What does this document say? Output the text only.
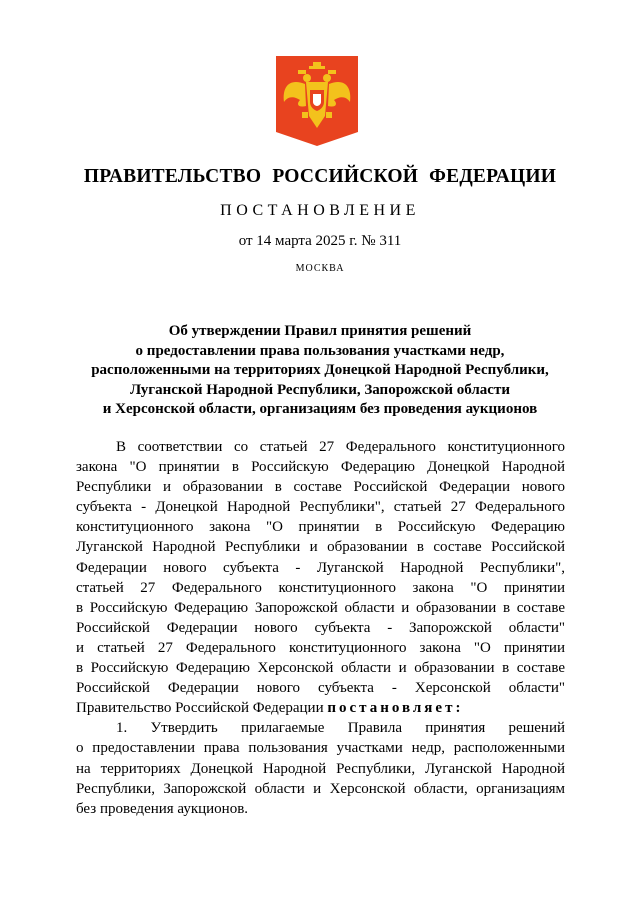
ПРАВИТЕЛЬСТВО РОССИЙСКОЙ ФЕДЕРАЦИИ
ПОСТАНОВЛЕНИЕ
от 14 марта 2025 г. № 311
МОСКВА
Об утверждении Правил принятия решений
о предоставлении права пользования участками недр,
расположенными на территориях Донецкой Народной Республики,
Луганской Народной Республики, Запорожской области
и Херсонской области, организациям без проведения аукционов
В соответствии со статьей 27 Федерального конституционного
закона "О принятии в Российскую Федерацию Донецкой Народной
Республики и образовании в составе Российской Федерации нового
субъекта - Донецкой Народной Республики", статьей 27 Федерального
конституционного закона "О принятии в Российскую Федерацию
Луганской Народной Республики и образовании в составе Российской
Федерации нового субъекта - Луганской Народной Республики",
статьей 27 Федерального конституционного закона "О принятии
в Российскую Федерацию Запорожской области и образовании в составе
Российской Федерации нового субъекта - Запорожской области"
и статьей 27 Федерального конституционного закона "О принятии
в Российскую Федерацию Херсонской области и образовании в составе
Российской Федерации нового субъекта - Херсонской области"
Правительство Российской Федерации постановляет:
1. Утвердить прилагаемые Правила принятия решений
о предоставлении права пользования участками недр, расположенными
на территориях Донецкой Народной Республики, Луганской Народной
Республики, Запорожской области и Херсонской области, организациям
без проведения аукционов.
